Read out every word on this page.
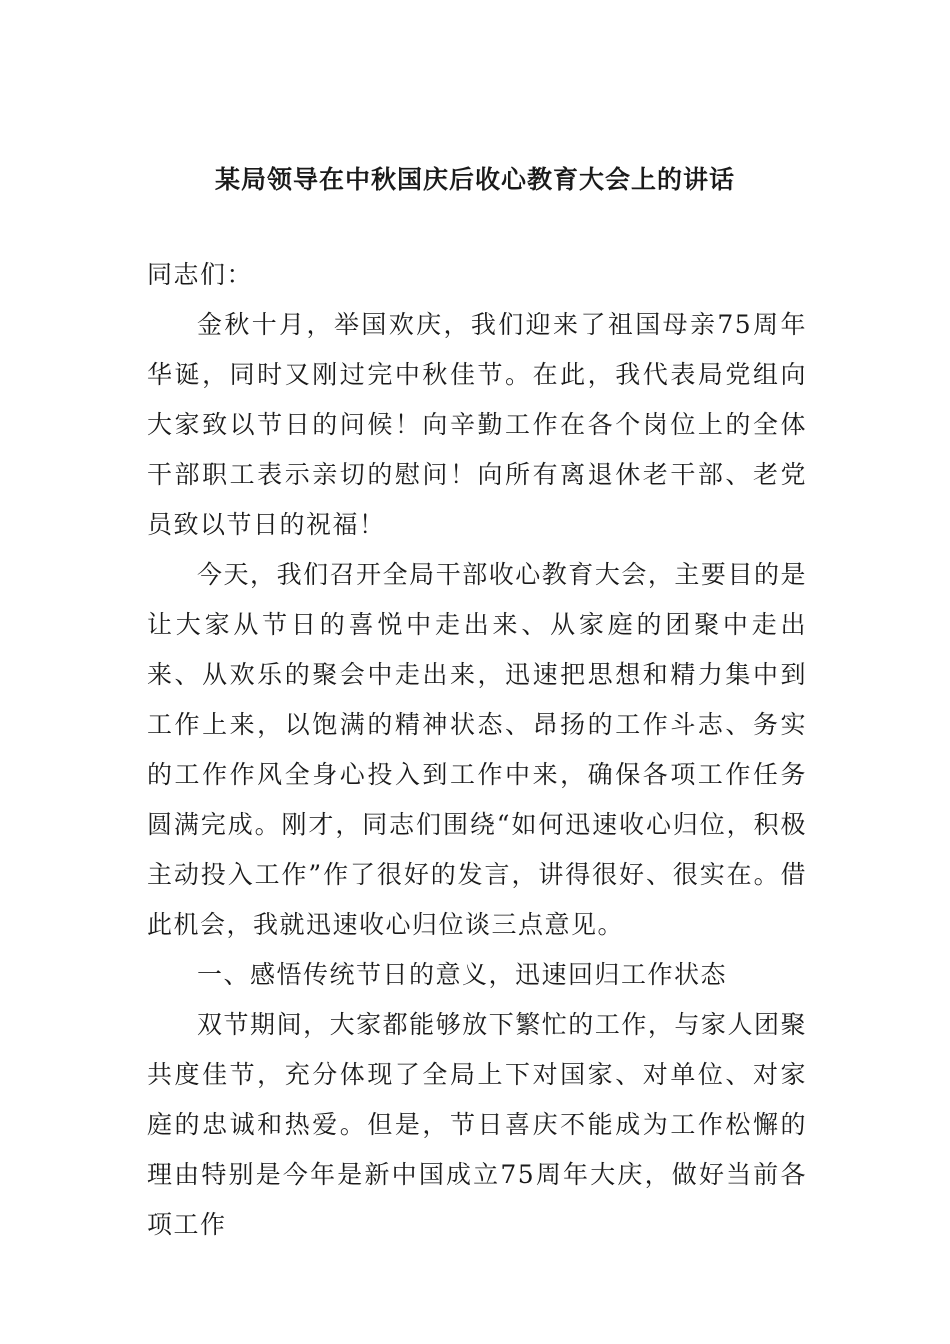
某局领导在中秋国庆后收心教育大会上的讲话

同志们：

金秋十月，举国欢庆，我们迎来了祖国母亲75周年华诞，同时又刚过完中秋佳节。在此，我代表局党组向大家致以节日的问候！向辛勤工作在各个岗位上的全体干部职工表示亲切的慰问！向所有离退休老干部、老党员致以节日的祝福！

今天，我们召开全局干部收心教育大会，主要目的是让大家从节日的喜悦中走出来、从家庭的团聚中走出来、从欢乐的聚会中走出来，迅速把思想和精力集中到工作上来，以饱满的精神状态、昂扬的工作斗志、务实的工作作风全身心投入到工作中来，确保各项工作任务圆满完成。刚才，同志们围绕“如何迅速收心归位，积极主动投入工作”作了很好的发言，讲得很好、很实在。借此机会，我就迅速收心归位谈三点意见。

一、感悟传统节日的意义，迅速回归工作状态

双节期间，大家都能够放下繁忙的工作，与家人团聚共度佳节，充分体现了全局上下对国家、对单位、对家庭的忠诚和热爱。但是，节日喜庆不能成为工作松懈的理由特别是今年是新中国成立75周年大庆，做好当前各项工作
